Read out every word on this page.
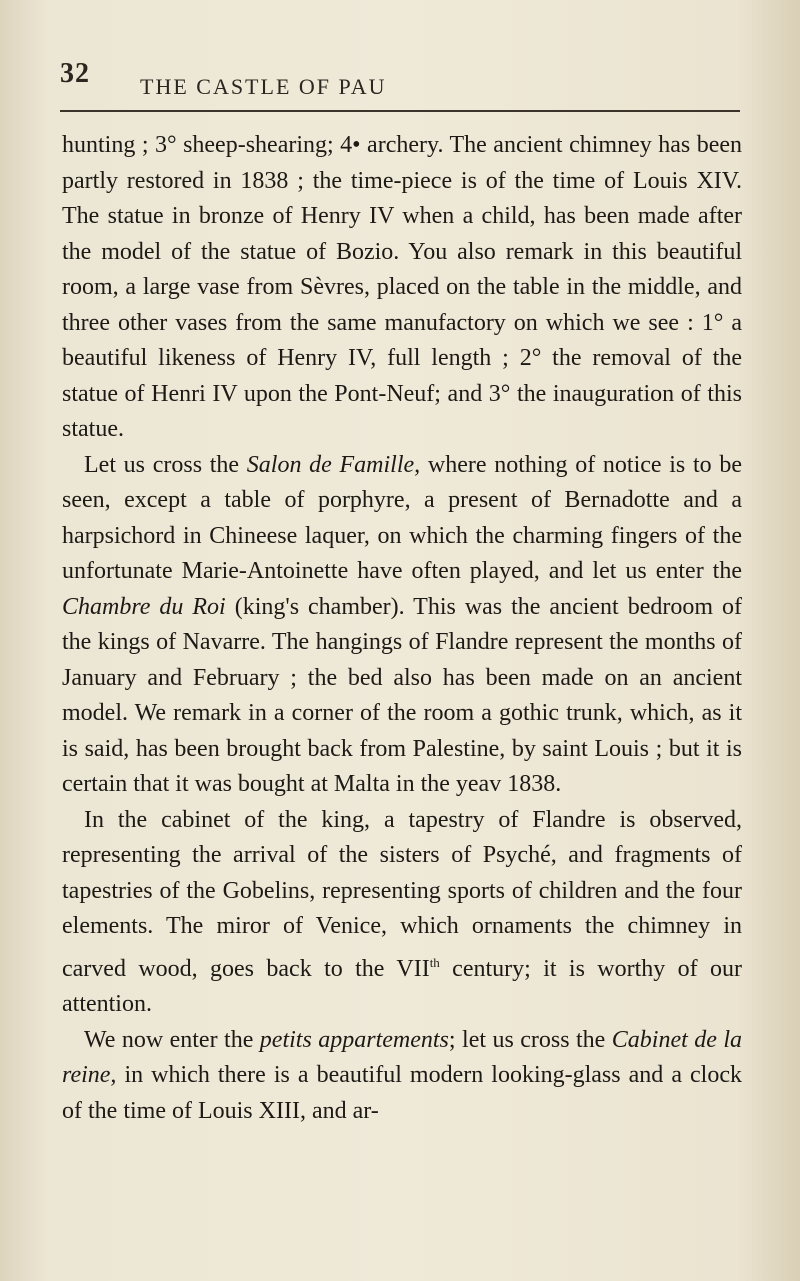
32 THE CASTLE OF PAU

hunting ; 3° sheep-shearing; 4• archery. The ancient chimney has been partly restored in 1838 ; the time-piece is of the time of Louis XIV. The statue in bronze of Henry IV when a child, has been made after the model of the statue of Bozio. You also remark in this beautiful room, a large vase from Sèvres, placed on the table in the middle, and three other vases from the same manufactory on which we see : 1° a beautiful likeness of Henry IV, full length ; 2° the removal of the statue of Henri IV upon the Pont-Neuf; and 3° the inauguration of this statue.

Let us cross the Salon de Famille, where nothing of notice is to be seen, except a table of porphyre, a present of Bernadotte and a harpsichord in Chineese laquer, on which the charming fingers of the unfortunate Marie-Antoinette have often played, and let us enter the Chambre du Roi (king's chamber). This was the ancient bedroom of the kings of Navarre. The hangings of Flandre represent the months of January and February ; the bed also has been made on an ancient model. We remark in a corner of the room a gothic trunk, which, as it is said, has been brought back from Palestine, by saint Louis ; but it is certain that it was bought at Malta in the yeav 1838.

In the cabinet of the king, a tapestry of Flandre is observed, representing the arrival of the sisters of Psyché, and fragments of tapestries of the Gobelins, representing sports of children and the four elements. The miror of Venice, which ornaments the chimney in carved wood, goes back to the VIIth century; it is worthy of our attention.

We now enter the petits appartements; let us cross the Cabinet de la reine, in which there is a beautiful modern looking-glass and a clock of the time of Louis XIII, and ar-
